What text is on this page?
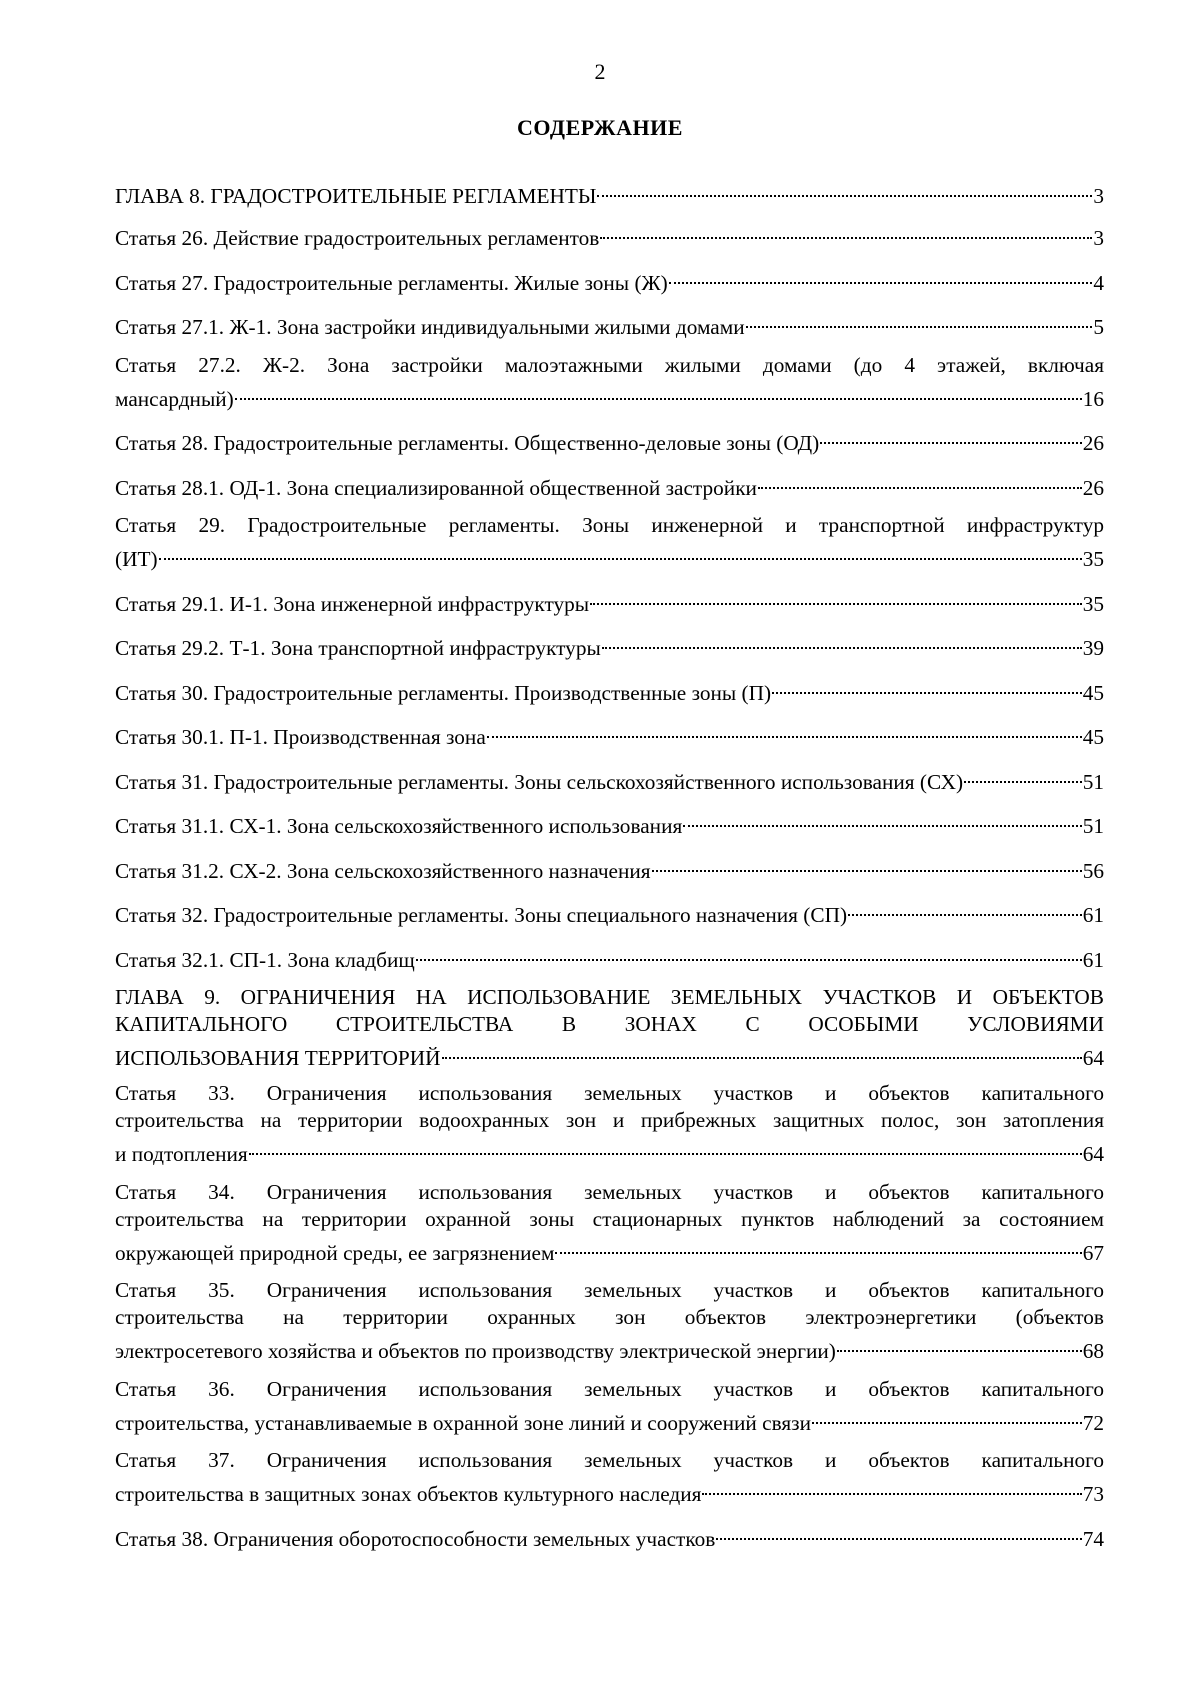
2
СОДЕРЖАНИЕ
ГЛАВА 8. ГРАДОСТРОИТЕЛЬНЫЕ РЕГЛАМЕНТЫ	3
Статья 26. Действие градостроительных регламентов	3
Статья 27. Градостроительные регламенты. Жилые зоны (Ж)	4
Статья 27.1. Ж-1. Зона застройки индивидуальными жилыми домами	5
Статья 27.2. Ж-2. Зона застройки малоэтажными жилыми домами (до 4 этажей, включая
мансардный)	16
Статья 28. Градостроительные регламенты. Общественно-деловые зоны (ОД)	26
Статья 28.1. ОД-1. Зона специализированной общественной застройки	26
Статья 29. Градостроительные регламенты. Зоны инженерной и транспортной инфраструктур
(ИТ)	35
Статья 29.1. И-1. Зона инженерной инфраструктуры	35
Статья 29.2. Т-1. Зона транспортной инфраструктуры	39
Статья 30. Градостроительные регламенты. Производственные зоны (П)	45
Статья 30.1. П-1. Производственная зона	45
Статья 31. Градостроительные регламенты. Зоны сельскохозяйственного использования (СХ)	51
Статья 31.1. СХ-1. Зона сельскохозяйственного использования	51
Статья 31.2. СХ-2. Зона сельскохозяйственного назначения	56
Статья 32. Градостроительные регламенты. Зоны специального назначения (СП)	61
Статья 32.1. СП-1. Зона кладбищ	61
ГЛАВА 9. ОГРАНИЧЕНИЯ НА ИСПОЛЬЗОВАНИЕ ЗЕМЕЛЬНЫХ УЧАСТКОВ И ОБЪЕКТОВ
КАПИТАЛЬНОГО СТРОИТЕЛЬСТВА В ЗОНАХ С ОСОБЫМИ УСЛОВИЯМИ
ИСПОЛЬЗОВАНИЯ ТЕРРИТОРИЙ	64
Статья 33. Ограничения использования земельных участков и объектов капитального
строительства на территории водоохранных зон и прибрежных защитных полос, зон затопления
и подтопления	64
Статья 34. Ограничения использования земельных участков и объектов капитального
строительства на территории охранной зоны стационарных пунктов наблюдений за состоянием
окружающей природной среды, ее загрязнением	67
Статья 35. Ограничения использования земельных участков и объектов капитального
строительства на территории охранных зон объектов электроэнергетики (объектов
электросетевого хозяйства и объектов по производству электрической энергии)	68
Статья 36. Ограничения использования земельных участков и объектов капитального
строительства, устанавливаемые в охранной зоне линий и сооружений связи	72
Статья 37. Ограничения использования земельных участков и объектов капитального
строительства в защитных зонах объектов культурного наследия	73
Статья 38. Ограничения оборотоспособности земельных участков	74
